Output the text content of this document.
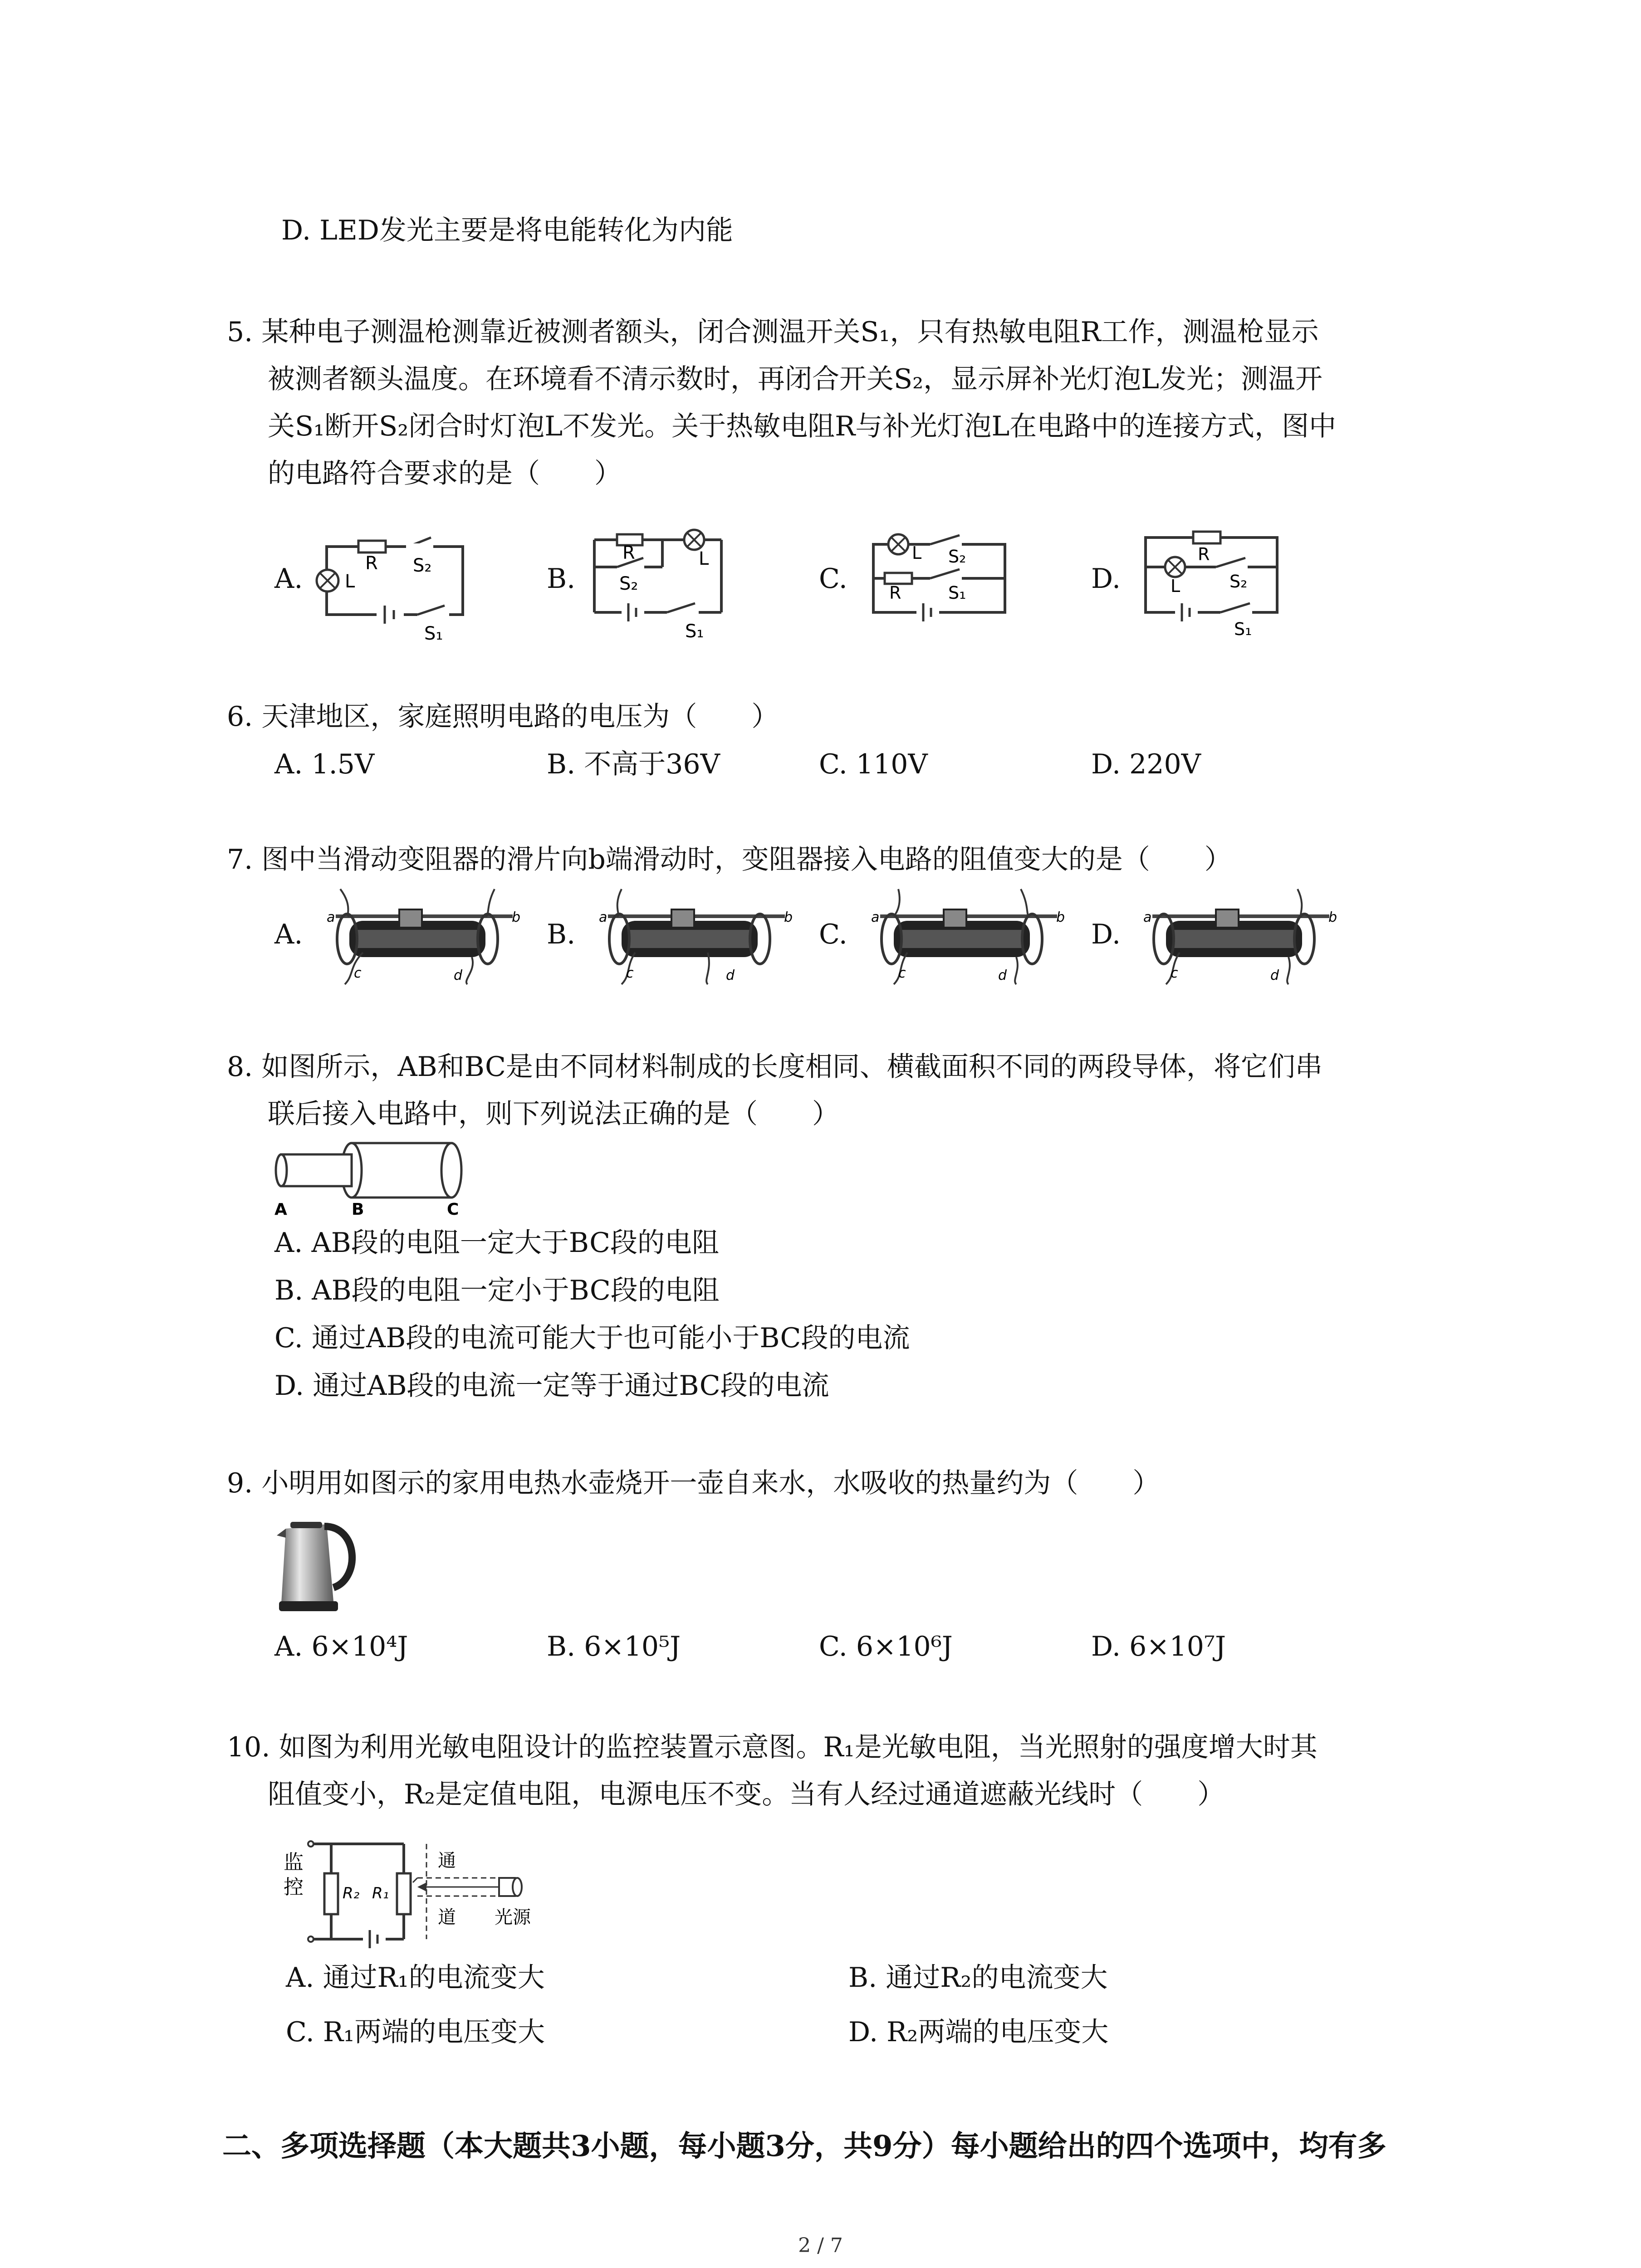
D. LED发光主要是将电能转化为内能
5. 某种电子测温枪测靠近被测者额头，闭合测温开关S₁，只有热敏电阻R工作，测温枪显示
被测者额头温度。在环境看不清示数时，再闭合开关S₂，显示屏补光灯泡L发光；测温开
关S₁断开S₂闭合时灯泡L不发光。关于热敏电阻R与补光灯泡L在电路中的连接方式，图中
的电路符合要求的是（　　）
A.	B.	C.	D.
R
L
S₂
S₁
R	L
S₂
S₁
L S₂
R	S₁
R
L	S₂
S₁
6. 天津地区，家庭照明电路的电压为（　　）
A. 1.5V	B. 不高于36V	C. 110V	D. 220V
7. 图中当滑动变阻器的滑片向b端滑动时，变阻器接入电路的阻值变大的是（　　）
A.	B.	C.	D.
a	b
c	d
a	b
c	d
a	b
c	d
a	b
c	d
8. 如图所示，AB和BC是由不同材料制成的长度相同、横截面积不同的两段导体，将它们串
联后接入电路中，则下列说法正确的是（　　）
A	B	C
A. AB段的电阻一定大于BC段的电阻
B. AB段的电阻一定小于BC段的电阻
C. 通过AB段的电流可能大于也可能小于BC段的电流
D. 通过AB段的电流一定等于通过BC段的电流
9. 小明用如图示的家用电热水壶烧开一壶自来水，水吸收的热量约为（　　）
A. 6×10⁴J	B. 6×10⁵J	C. 6×10⁶J	D. 6×10⁷J
10. 如图为利用光敏电阻设计的监控装置示意图。R₁是光敏电阻，当光照射的强度增大时其
阻值变小，R₂是定值电阻，电源电压不变。当有人经过通道遮蔽光线时（　　）
监
控	R₂ R₁
通
道 光源
A. 通过R₁的电流变大	B. 通过R₂的电流变大
C. R₁两端的电压变大	D. R₂两端的电压变大
二、多项选择题（本大题共3小题，每小题3分，共9分）每小题给出的四个选项中，均有多
2 / 7
